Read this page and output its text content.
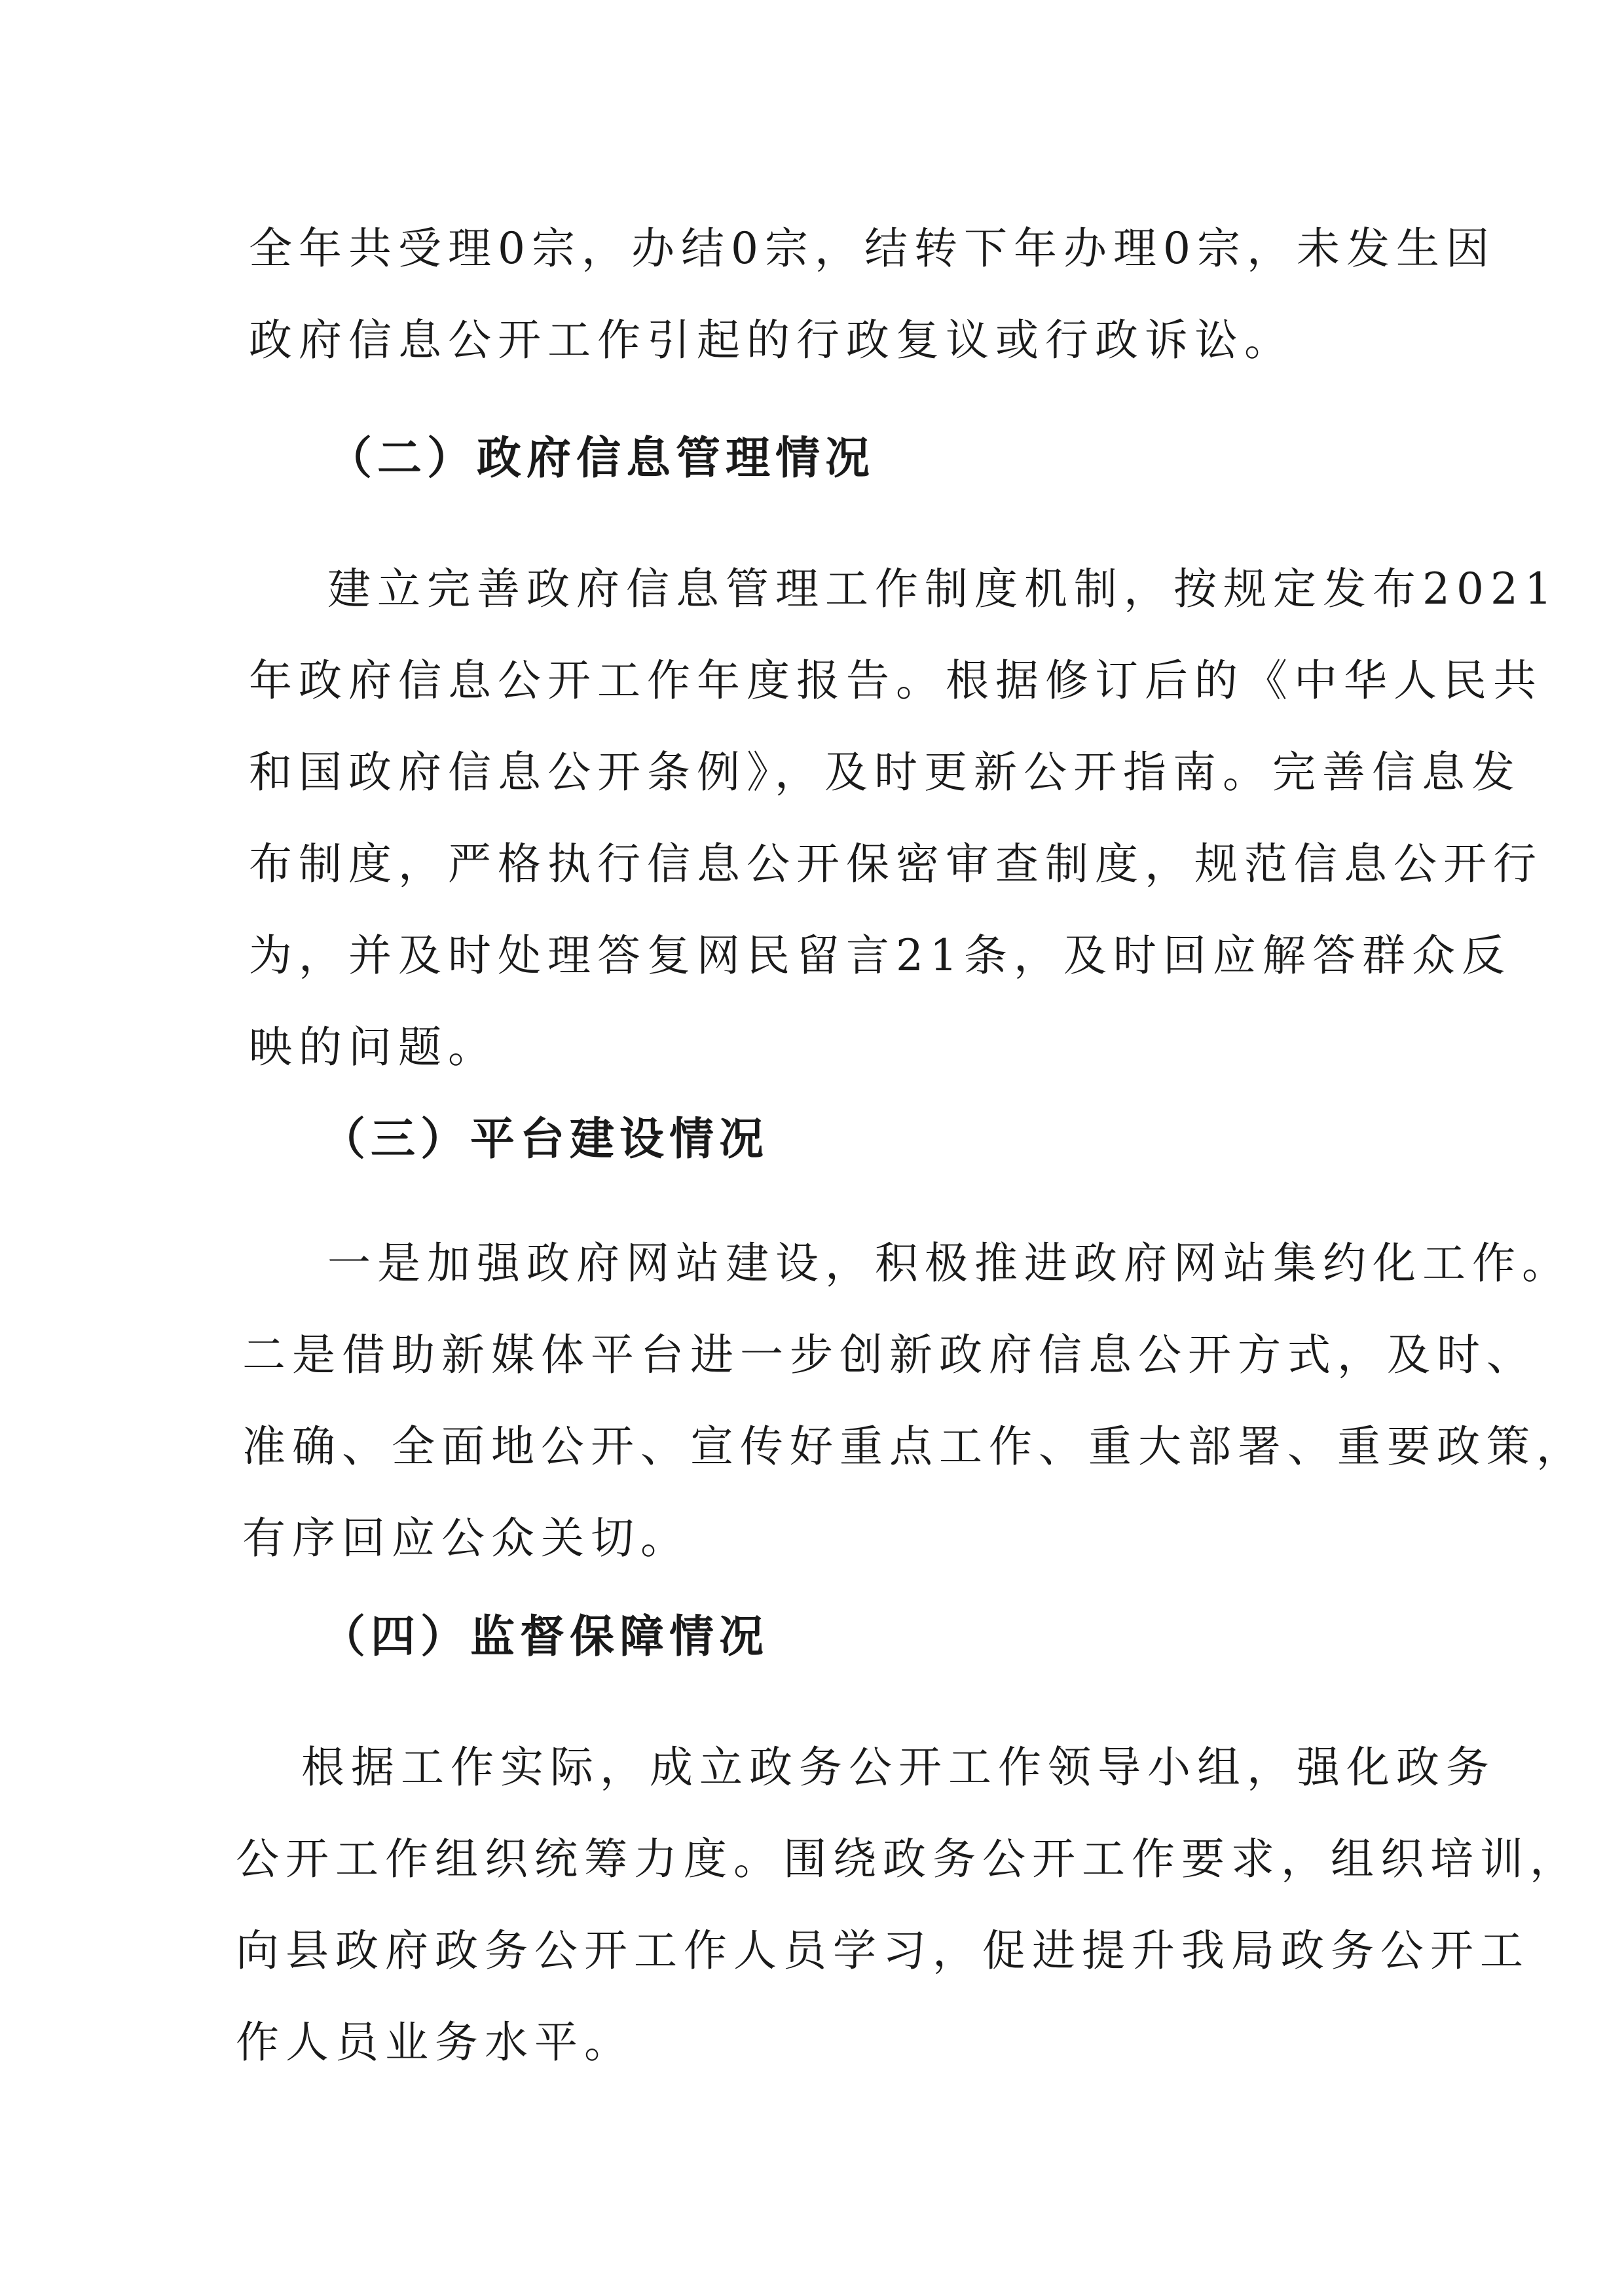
全年共受理0宗，办结0宗，结转下年办理0宗，未发生因
政府信息公开工作引起的行政复议或行政诉讼。
（二）政府信息管理情况
建立完善政府信息管理工作制度机制，按规定发布2021
年政府信息公开工作年度报告。根据修订后的《中华人民共
和国政府信息公开条例》，及时更新公开指南。完善信息发
布制度，严格执行信息公开保密审查制度，规范信息公开行
为，并及时处理答复网民留言21条，及时回应解答群众反
映的问题。
（三）平台建设情况
一是加强政府网站建设，积极推进政府网站集约化工作。
二是借助新媒体平台进一步创新政府信息公开方式，及时、
准确、全面地公开、宣传好重点工作、重大部署、重要政策，
有序回应公众关切。
（四）监督保障情况
根据工作实际，成立政务公开工作领导小组，强化政务
公开工作组织统筹力度。围绕政务公开工作要求，组织培训，
向县政府政务公开工作人员学习，促进提升我局政务公开工
作人员业务水平。
